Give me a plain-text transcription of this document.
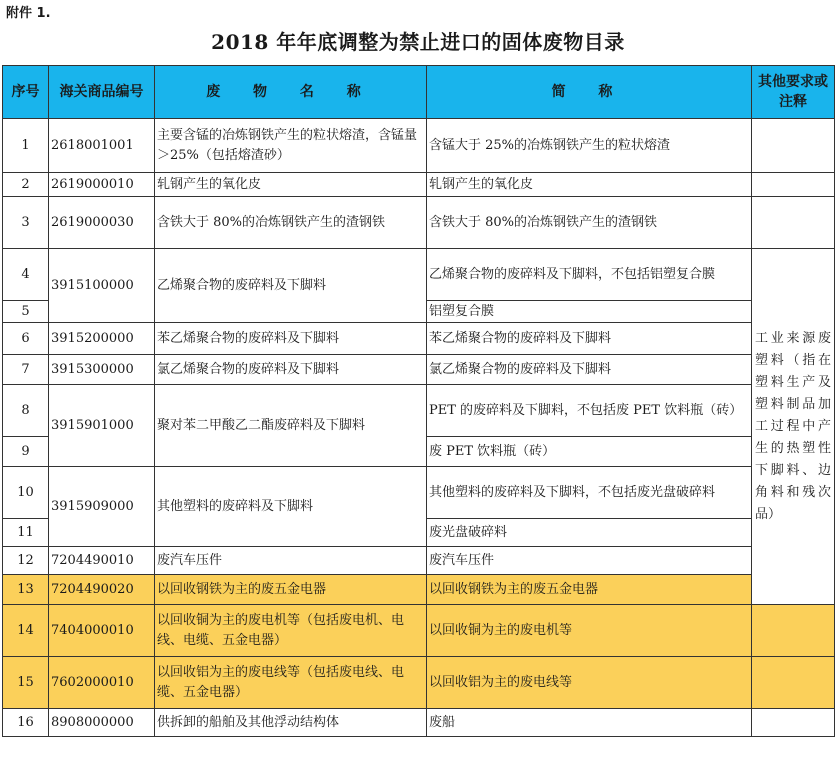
附件 1.
2018 年年底调整为禁止进口的固体废物目录
序号	海关商品编号	废 物 名 称	简 称	其他要求或注释	
1	2618001001	主要含锰的冶炼钢铁产生的粒状熔渣，含锰量＞25%（包括熔渣砂）	含锰大于 25%的冶炼钢铁产生的粒状熔渣		
2	2619000010	轧钢产生的氧化皮	轧钢产生的氧化皮		
3	2619000030	含铁大于 80%的冶炼钢铁产生的渣钢铁	含铁大于 80%的冶炼钢铁产生的渣钢铁		
4	3915100000	乙烯聚合物的废碎料及下脚料	乙烯聚合物的废碎料及下脚料，不包括铝塑复合膜	工业来源废塑料（指在塑料生产及塑料制品加工过程中产生的热塑性下脚料、边角料和残次品）	
5			铝塑复合膜		
6	3915200000	苯乙烯聚合物的废碎料及下脚料	苯乙烯聚合物的废碎料及下脚料		
7	3915300000	氯乙烯聚合物的废碎料及下脚料	氯乙烯聚合物的废碎料及下脚料		
8	3915901000	聚对苯二甲酸乙二酯废碎料及下脚料	PET 的废碎料及下脚料，不包括废 PET 饮料瓶（砖）		
9			废 PET 饮料瓶（砖）		
10	3915909000	其他塑料的废碎料及下脚料	其他塑料的废碎料及下脚料，不包括废光盘破碎料		
11			废光盘破碎料		
12	7204490010	废汽车压件	废汽车压件		
13	7204490020	以回收钢铁为主的废五金电器	以回收钢铁为主的废五金电器		
14	7404000010	以回收铜为主的废电机等（包括废电机、电线、电缆、五金电器）	以回收铜为主的废电机等		
15	7602000010	以回收铝为主的废电线等（包括废电线、电缆、五金电器）	以回收铝为主的废电线等		
16	8908000000	供拆卸的船舶及其他浮动结构体	废船		
